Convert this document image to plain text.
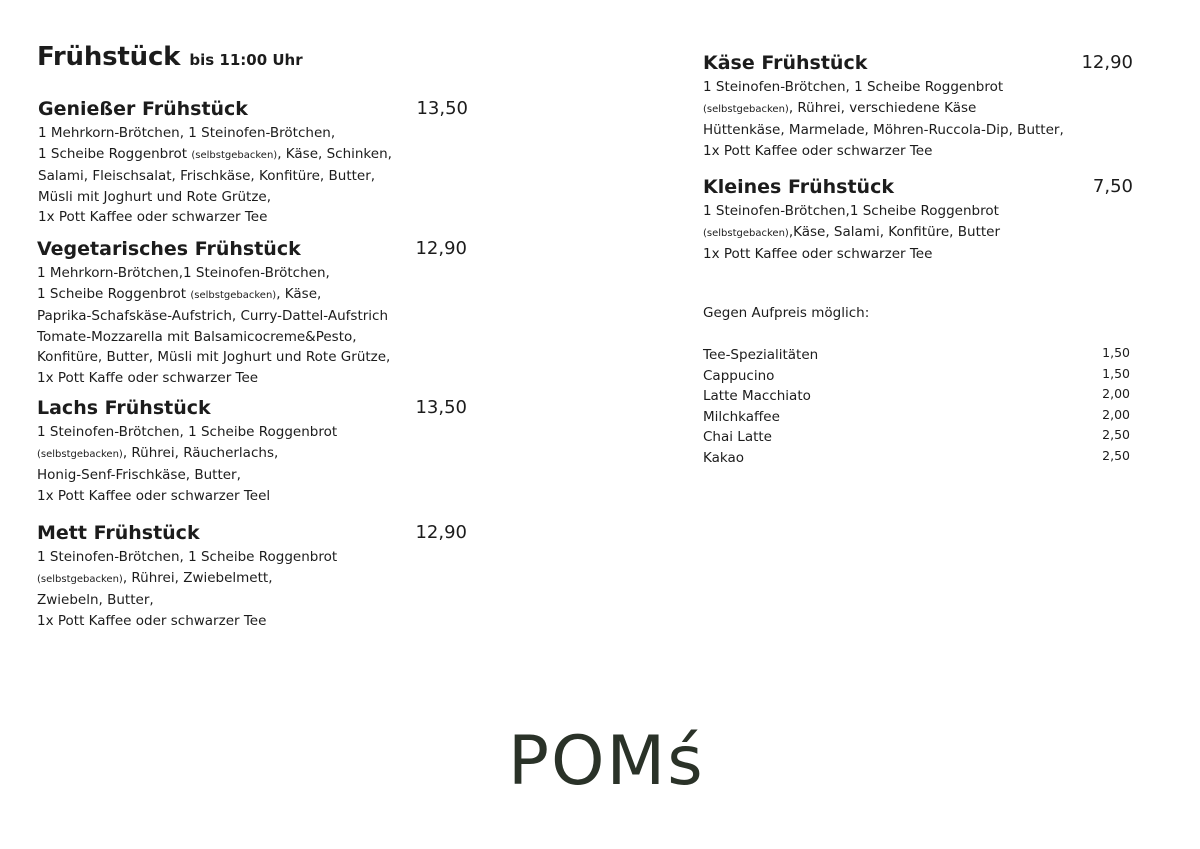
Frühstück bis 11:00 Uhr
Genießer Frühstück	13,50
1 Mehrkorn-Brötchen, 1 Steinofen-Brötchen,
1 Scheibe Roggenbrot (selbstgebacken), Käse, Schinken,
Salami, Fleischsalat, Frischkäse, Konfitüre, Butter,
Müsli mit Joghurt und Rote Grütze,
1x Pott Kaffee oder schwarzer Tee
Vegetarisches Frühstück	12,90
1 Mehrkorn-Brötchen,1 Steinofen-Brötchen,
1 Scheibe Roggenbrot (selbstgebacken), Käse,
Paprika-Schafskäse-Aufstrich, Curry-Dattel-Aufstrich
Tomate-Mozzarella mit Balsamicocreme&Pesto,
Konfitüre, Butter, Müsli mit Joghurt und Rote Grütze,
1x Pott Kaffe oder schwarzer Tee
Lachs Frühstück	13,50
1 Steinofen-Brötchen, 1 Scheibe Roggenbrot
(selbstgebacken), Rührei, Räucherlachs,
Honig-Senf-Frischkäse, Butter,
1x Pott Kaffee oder schwarzer Teel
Mett Frühstück	12,90
1 Steinofen-Brötchen, 1 Scheibe Roggenbrot
(selbstgebacken), Rührei, Zwiebelmett,
Zwiebeln, Butter,
1x Pott Kaffee oder schwarzer Tee
Käse Frühstück	12,90
1 Steinofen-Brötchen, 1 Scheibe Roggenbrot
(selbstgebacken), Rührei, verschiedene Käse
Hüttenkäse, Marmelade, Möhren-Ruccola-Dip, Butter,
1x Pott Kaffee oder schwarzer Tee
Kleines Frühstück	7,50
1 Steinofen-Brötchen,1 Scheibe Roggenbrot
(selbstgebacken),Käse, Salami, Konfitüre, Butter
1x Pott Kaffee oder schwarzer Tee
Gegen Aufpreis möglich:
Tee-Spezialitäten	1,50
Cappucino	1,50
Latte Macchiato	2,00
Milchkaffee	2,00
Chai Latte	2,50
Kakao	2,50
POMś
